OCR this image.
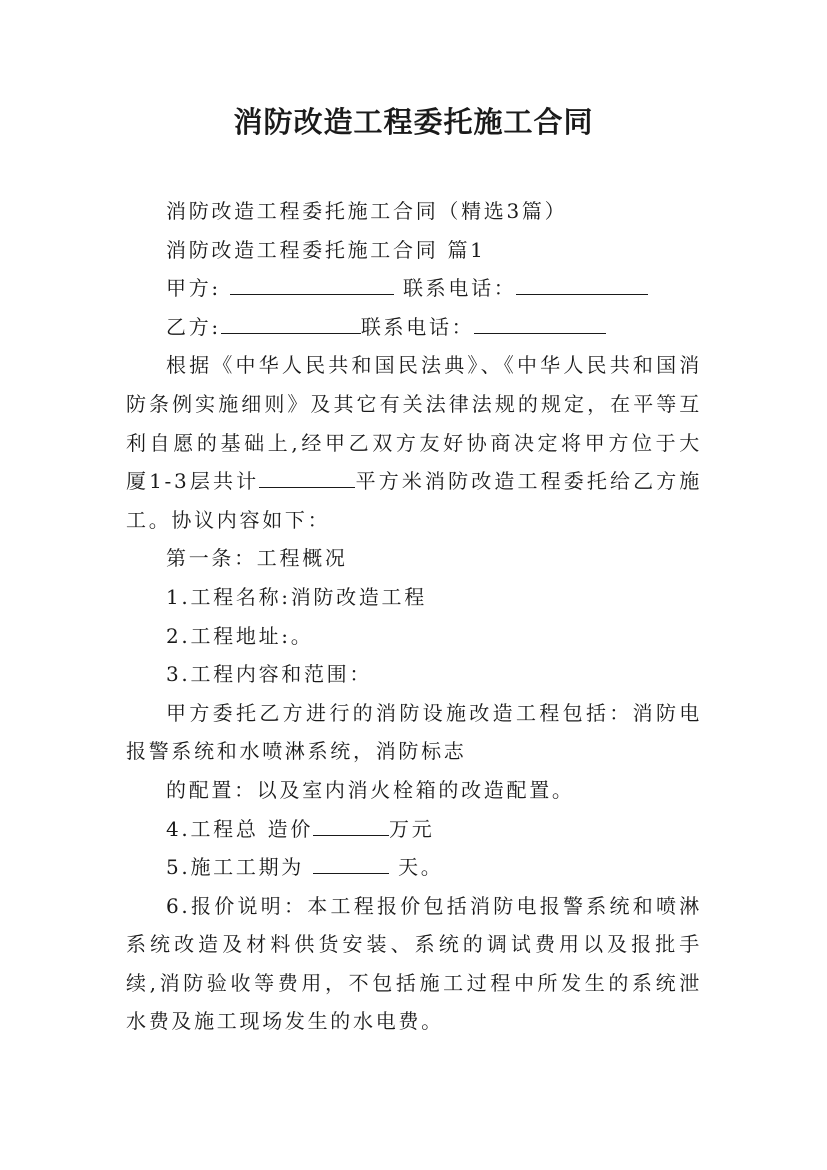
消防改造工程委托施工合同

消防改造工程委托施工合同（精选3篇）

消防改造工程委托施工合同 篇1

甲方:	联系电话：

乙方:	联系电话：

根据《中华人民共和国民法典》、《中华人民共和国消防条例实施细则》及其它有关法律法规的规定，在平等互利自愿的基础上,经甲乙双方友好协商决定将甲方位于大厦1-3层共计	平方米消防改造工程委托给乙方施工。协议内容如下：

第一条：工程概况

1.工程名称:消防改造工程

2.工程地址:。

3.工程内容和范围：

甲方委托乙方进行的消防设施改造工程包括：消防电报警系统和水喷淋系统，消防标志

的配置：以及室内消火栓箱的改造配置。

4.工程总 造价	万元

5.施工工期为	天。

6.报价说明：本工程报价包括消防电报警系统和喷淋系统改造及材料供货安装、系统的调试费用以及报批手续,消防验收等费用，不包括施工过程中所发生的系统泄水费及施工现场发生的水电费。
